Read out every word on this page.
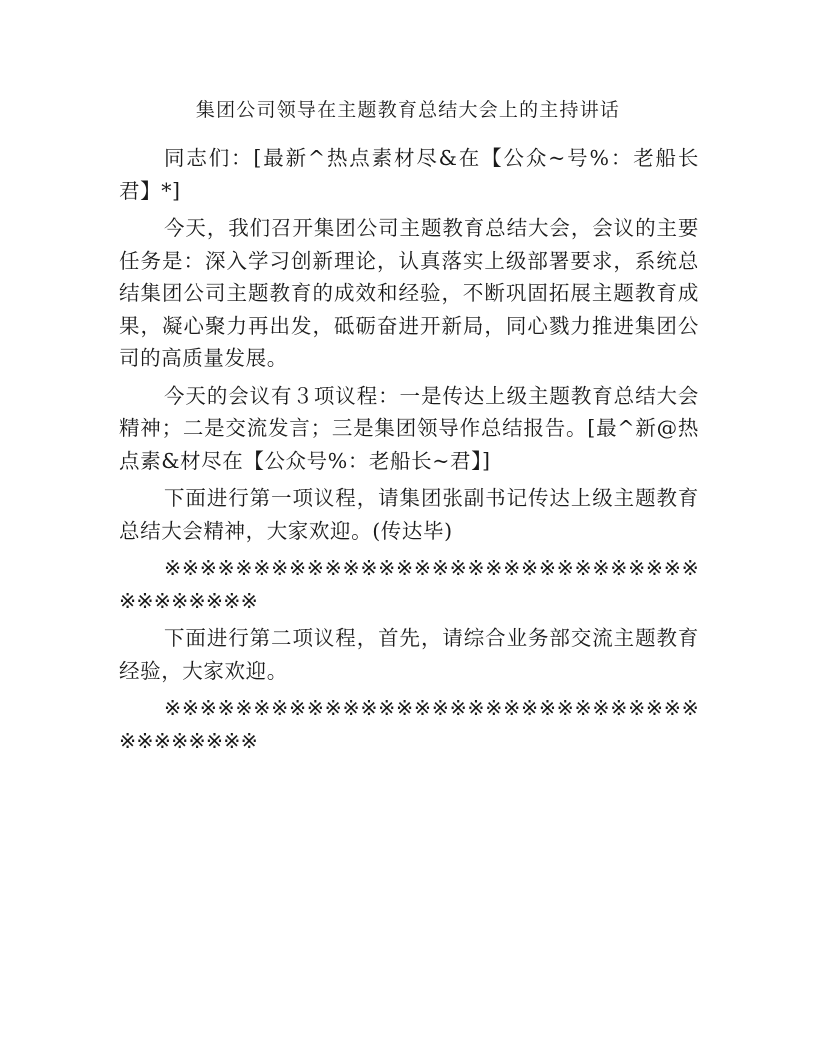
集团公司领导在主题教育总结大会上的主持讲话

同志们：[最新^热点素材尽&在【公众~号%：老船长君】*]

今天，我们召开集团公司主题教育总结大会，会议的主要任务是：深入学习创新理论，认真落实上级部署要求，系统总结集团公司主题教育的成效和经验，不断巩固拓展主题教育成果，凝心聚力再出发，砥砺奋进开新局，同心戮力推进集团公司的高质量发展。

今天的会议有３项议程：一是传达上级主题教育总结大会精神；二是交流发言；三是集团领导作总结报告。[最^新@热点素&材尽在【公众号%：老船长~君】]

下面进行第一项议程，请集团张副书记传达上级主题教育总结大会精神，大家欢迎。(传达毕)

※※※※※※※※※※※※※※※※※※※※※※※※※※※※※※※※※※※※※※

下面进行第二项议程，首先，请综合业务部交流主题教育经验，大家欢迎。

※※※※※※※※※※※※※※※※※※※※※※※※※※※※※※※※※※※※※※
